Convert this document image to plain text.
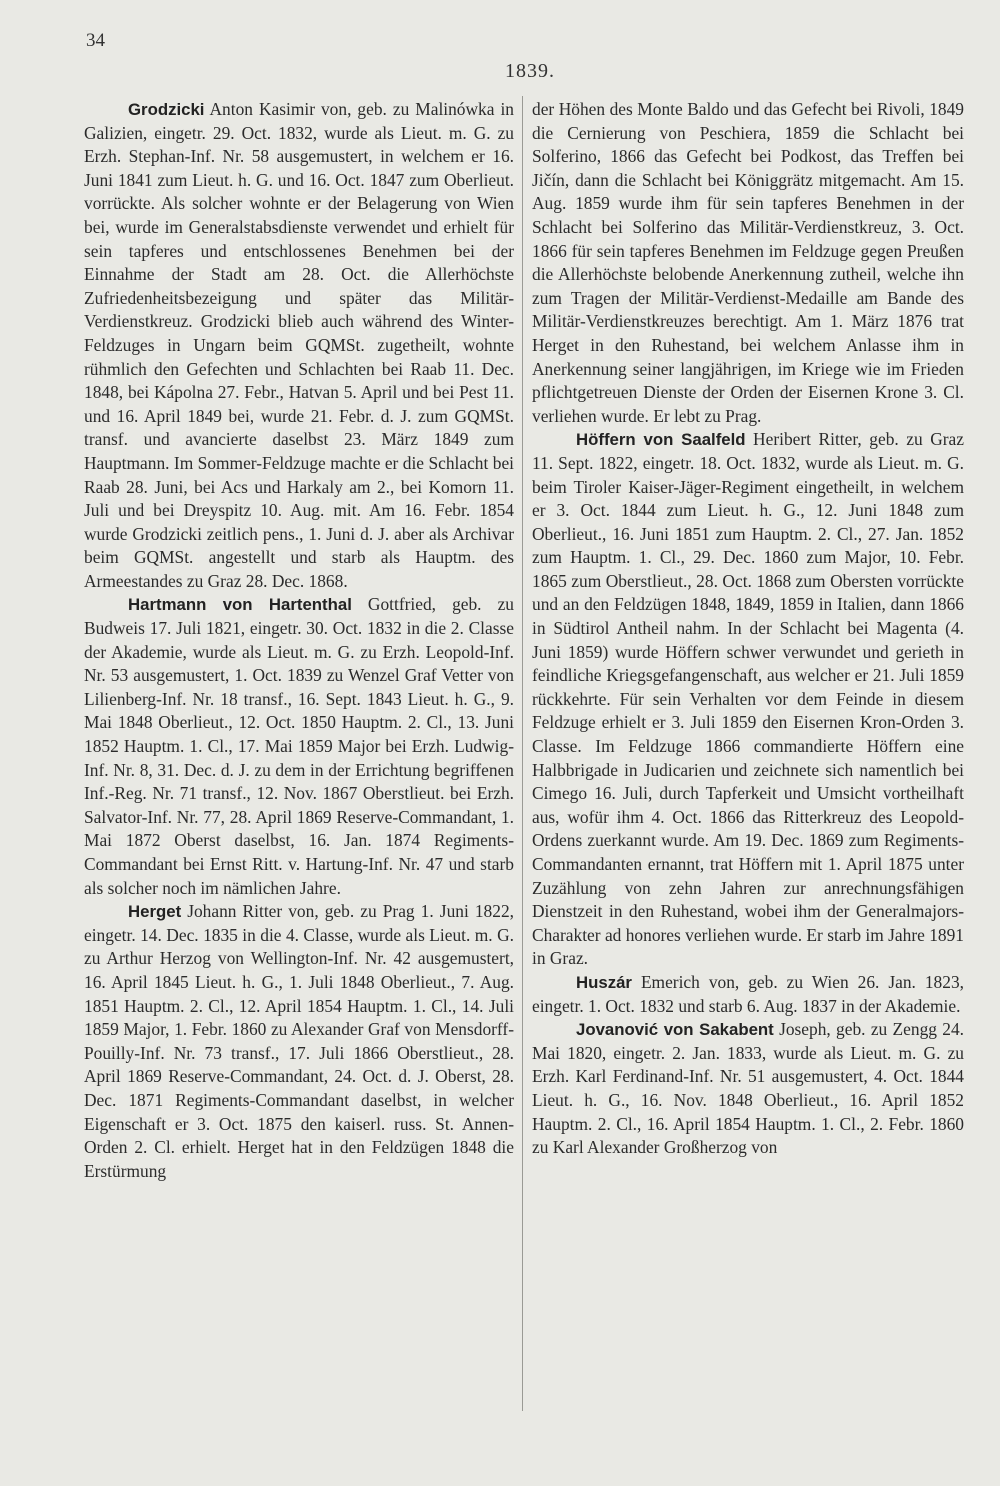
34
1839.

Grodzicki Anton Kasimir von, geb. zu Malinówka in Galizien, eingetr. 29. Oct. 1832, wurde als Lieut. m. G. zu Erzh. Stephan-Inf. Nr. 58 ausgemustert, in welchem er 16. Juni 1841 zum Lieut. h. G. und 16. Oct. 1847 zum Oberlieut. vorrückte. Als solcher wohnte er der Belagerung von Wien bei, wurde im Generalstabsdienste verwendet und erhielt für sein tapferes und entschlossenes Benehmen bei der Einnahme der Stadt am 28. Oct. die Allerhöchste Zufriedenheitsbezeigung und später das Militär-Verdienstkreuz. Grodzicki blieb auch während des Winter-Feldzuges in Ungarn beim GQMSt. zugetheilt, wohnte rühmlich den Gefechten und Schlachten bei Raab 11. Dec. 1848, bei Kápolna 27. Febr., Hatvan 5. April und bei Pest 11. und 16. April 1849 bei, wurde 21. Febr. d. J. zum GQMSt. transf. und avancierte daselbst 23. März 1849 zum Hauptmann. Im Sommer-Feldzuge machte er die Schlacht bei Raab 28. Juni, bei Acs und Harkaly am 2., bei Komorn 11. Juli und bei Dreyspitz 10. Aug. mit. Am 16. Febr. 1854 wurde Grodzicki zeitlich pens., 1. Juni d. J. aber als Archivar beim GQMSt. angestellt und starb als Hauptm. des Armeestandes zu Graz 28. Dec. 1868.

Hartmann von Hartenthal Gottfried, geb. zu Budweis 17. Juli 1821, eingetr. 30. Oct. 1832 in die 2. Classe der Akademie, wurde als Lieut. m. G. zu Erzh. Leopold-Inf. Nr. 53 ausgemustert, 1. Oct. 1839 zu Wenzel Graf Vetter von Lilienberg-Inf. Nr. 18 transf., 16. Sept. 1843 Lieut. h. G., 9. Mai 1848 Oberlieut., 12. Oct. 1850 Hauptm. 2. Cl., 13. Juni 1852 Hauptm. 1. Cl., 17. Mai 1859 Major bei Erzh. Ludwig-Inf. Nr. 8, 31. Dec. d. J. zu dem in der Errichtung begriffenen Inf.-Reg. Nr. 71 transf., 12. Nov. 1867 Oberstlieut. bei Erzh. Salvator-Inf. Nr. 77, 28. April 1869 Reserve-Commandant, 1. Mai 1872 Oberst daselbst, 16. Jan. 1874 Regiments-Commandant bei Ernst Ritt. v. Hartung-Inf. Nr. 47 und starb als solcher noch im nämlichen Jahre.

Herget Johann Ritter von, geb. zu Prag 1. Juni 1822, eingetr. 14. Dec. 1835 in die 4. Classe, wurde als Lieut. m. G. zu Arthur Herzog von Wellington-Inf. Nr. 42 ausgemustert, 16. April 1845 Lieut. h. G., 1. Juli 1848 Oberlieut., 7. Aug. 1851 Hauptm. 2. Cl., 12. April 1854 Hauptm. 1. Cl., 14. Juli 1859 Major, 1. Febr. 1860 zu Alexander Graf von Mensdorff-Pouilly-Inf. Nr. 73 transf., 17. Juli 1866 Oberstlieut., 28. April 1869 Reserve-Commandant, 24. Oct. d. J. Oberst, 28. Dec. 1871 Regiments-Commandant daselbst, in welcher Eigenschaft er 3. Oct. 1875 den kaiserl. russ. St. Annen-Orden 2. Cl. erhielt. Herget hat in den Feldzügen 1848 die Erstürmung

der Höhen des Monte Baldo und das Gefecht bei Rivoli, 1849 die Cernierung von Peschiera, 1859 die Schlacht bei Solferino, 1866 das Gefecht bei Podkost, das Treffen bei Jičín, dann die Schlacht bei Königgrätz mitgemacht. Am 15. Aug. 1859 wurde ihm für sein tapferes Benehmen in der Schlacht bei Solferino das Militär-Verdienstkreuz, 3. Oct. 1866 für sein tapferes Benehmen im Feldzuge gegen Preußen die Allerhöchste belobende Anerkennung zutheil, welche ihn zum Tragen der Militär-Verdienst-Medaille am Bande des Militär-Verdienstkreuzes berechtigt. Am 1. März 1876 trat Herget in den Ruhestand, bei welchem Anlasse ihm in Anerkennung seiner langjährigen, im Kriege wie im Frieden pflichtgetreuen Dienste der Orden der Eisernen Krone 3. Cl. verliehen wurde. Er lebt zu Prag.

Höffern von Saalfeld Heribert Ritter, geb. zu Graz 11. Sept. 1822, eingetr. 18. Oct. 1832, wurde als Lieut. m. G. beim Tiroler Kaiser-Jäger-Regiment eingetheilt, in welchem er 3. Oct. 1844 zum Lieut. h. G., 12. Juni 1848 zum Oberlieut., 16. Juni 1851 zum Hauptm. 2. Cl., 27. Jan. 1852 zum Hauptm. 1. Cl., 29. Dec. 1860 zum Major, 10. Febr. 1865 zum Oberstlieut., 28. Oct. 1868 zum Obersten vorrückte und an den Feldzügen 1848, 1849, 1859 in Italien, dann 1866 in Südtirol Antheil nahm. In der Schlacht bei Magenta (4. Juni 1859) wurde Höffern schwer verwundet und gerieth in feindliche Kriegsgefangenschaft, aus welcher er 21. Juli 1859 rückkehrte. Für sein Verhalten vor dem Feinde in diesem Feldzuge erhielt er 3. Juli 1859 den Eisernen Kron-Orden 3. Classe. Im Feldzuge 1866 commandierte Höffern eine Halbbrigade in Judicarien und zeichnete sich namentlich bei Cimego 16. Juli, durch Tapferkeit und Umsicht vortheilhaft aus, wofür ihm 4. Oct. 1866 das Ritterkreuz des Leopold-Ordens zuerkannt wurde. Am 19. Dec. 1869 zum Regiments-Commandanten ernannt, trat Höffern mit 1. April 1875 unter Zuzählung von zehn Jahren zur anrechnungsfähigen Dienstzeit in den Ruhestand, wobei ihm der Generalmajors-Charakter ad honores verliehen wurde. Er starb im Jahre 1891 in Graz.

Huszár Emerich von, geb. zu Wien 26. Jan. 1823, eingetr. 1. Oct. 1832 und starb 6. Aug. 1837 in der Akademie.

Jovanović von Sakabent Joseph, geb. zu Zengg 24. Mai 1820, eingetr. 2. Jan. 1833, wurde als Lieut. m. G. zu Erzh. Karl Ferdinand-Inf. Nr. 51 ausgemustert, 4. Oct. 1844 Lieut. h. G., 16. Nov. 1848 Oberlieut., 16. April 1852 Hauptm. 2. Cl., 16. April 1854 Hauptm. 1. Cl., 2. Febr. 1860 zu Karl Alexander Großherzog von
